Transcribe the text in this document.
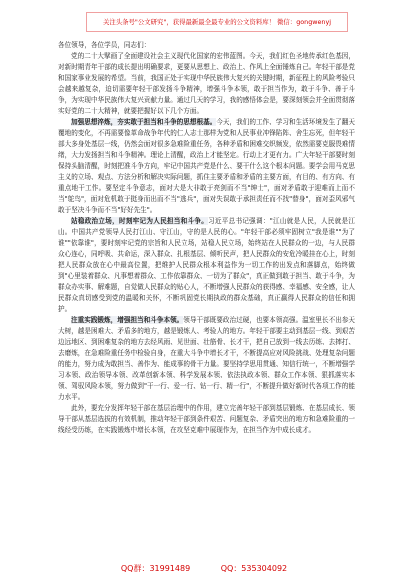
关注头条号"公文研究"，获得最新最全最专业的公文资料库！ 微信：gongwenyj

各位领导，各位学员，同志们：

党的二十大擘画了全面建设社会主义现代化国家的宏伟蓝图。今天，我们红色圣地传承红色基因，对新时期青年干部的成长提出明确要求，更要从思想上、政治上、作风上全面锤炼自己。年轻干部是党和国家事业发展的希望。当前，我国正处于实现中华民族伟大复兴的关键时期，新征程上的风险考验只会越来越复杂，迫切需要年轻干部发扬斗争精神，增强斗争本领，敢于担当作为，敢于斗争、善于斗争，为实现中华民族伟大复兴贡献力量。通过几天的学习，我的感悟体会是，要深刻领会并全面贯彻落实好党的二十大精神，就要把握好以下几个方面。

加强思想淬炼，夯实敢于担当和斗争的思想根基。今天，我们的工作、学习和生活环境发生了翻天覆地的变化，不再需要像革命战争年代的仁人志士那样为党和人民事业冲锋陷阵、舍生忘死，但年轻干部大多身处基层一线，仍然会面对很多急难险重任务，各种矛盾和困难交织频发，依然需要克服畏难情绪，大力发扬担当和斗争精神。理论上清醒，政治上才能坚定。行动上才更有力。广大年轻干部要时刻保持头脑清醒，时刻把准斗争方向，牢记中国共产党是什么、要干什么这个根本问题。要学会用马克思主义的立场、观点、方法分析和解决实际问题，抓住主要矛盾和矛盾的主要方面，有目的、有方向、有重点地干工作。要坚定斗争意志，面对大是大非敢于亮剑而不当"绅士"，面对矛盾敢于迎难而上而不当"鸵鸟"，面对危机敢于挺身而出而不当"逃兵"，面对失误敢于承担责任而不找"替身"，面对歪风邪气敢于坚决斗争而不当"好好先生"。

站稳政治立场，时刻牢记为人民担当和斗争。习近平总书记强调："江山就是人民，人民就是江山。中国共产党领导人民打江山、守江山，守的是人民的心。"年轻干部必须牢固树立"我是谁""为了谁""依靠谁"，要时刻牢记党的宗旨和人民立场，站稳人民立场，始终站在人民群众的一边，与人民群众心连心，同呼吸、共命运，深入群众、扎根基层、倾听民声，把人民群众的安危冷暖挂在心上，时刻把人民群众放在心中最高位置，把维护人民群众根本利益作为一切工作的出发点和落脚点，始终做到"心里装着群众、凡事想着群众、工作依靠群众、一切为了群众"，真正做到敢于担当、敢于斗争，为群众办实事、解难题，自觉做人民群众的贴心人，不断增强人民群众的获得感、幸福感、安全感，让人民群众真切感受到党的温暖和关怀，不断巩固党长期执政的群众基础，真正赢得人民群众的信任和拥护。

注重实践锻炼，增强担当和斗争本领。领导干部既要政治过硬，也要本领高强。温室里长不出参天大树，越是困难大、矛盾多的地方，越是锻炼人、考验人的地方。年轻干部要主动到基层一线、到艰苦边远地区、到困难复杂的地方去经风雨、见世面、壮筋骨、长才干，把自己放到一线去历练、去摔打、去磨炼，在急难险重任务中检验自身，在重大斗争中增长才干，不断提高应对风险挑战、处理复杂问题的能力，努力成为敢担当、善作为、能成事的骨干力量。要坚持学思用贯通、知信行统一，不断增强学习本领、政治领导本领、改革创新本领、科学发展本领、依法执政本领、群众工作本领、狠抓落实本领、驾驭风险本领，努力做到"干一行、爱一行、钻一行、精一行"，不断提升做好新时代各项工作的能力水平。

此外，要充分发挥年轻干部在基层治理中的作用，建立完善年轻干部到基层锻炼、在基层成长、领导干部从基层选拔的有效机制，推动年轻干部到条件艰苦、问题复杂、矛盾突出的地方和急难险重的一线经受历练，在实践锻炼中增长本领，在攻坚克难中展现作为，在担当作为中成长成才。

QQ群：31991489	QQ：535304092
